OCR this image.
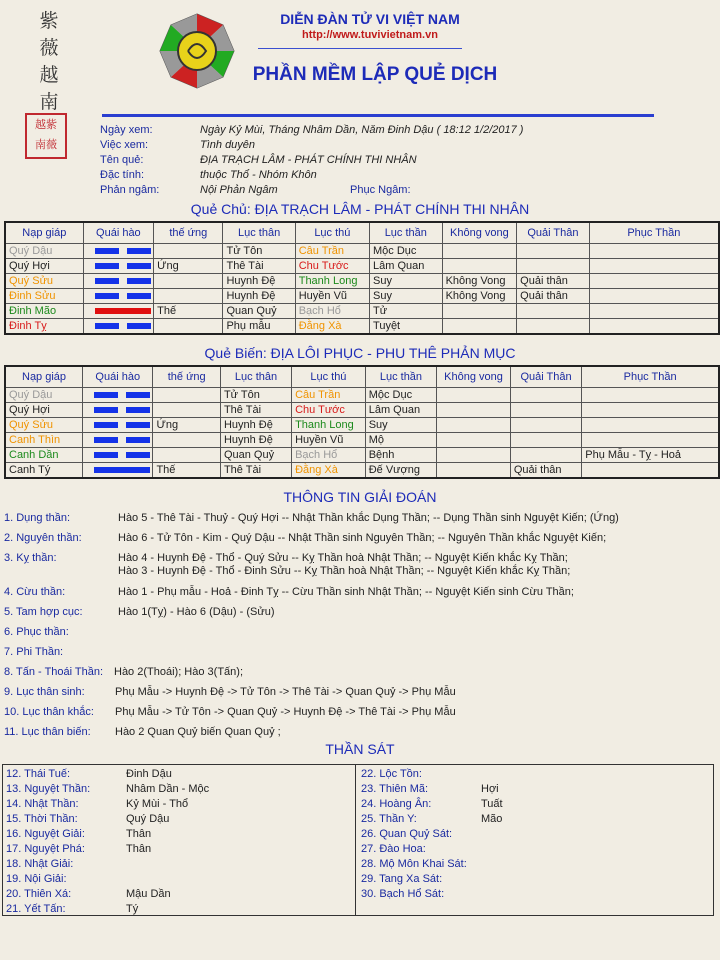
紫
薇
越
南
越紫
南薇
DIỄN ĐÀN TỬ VI VIỆT NAM
http://www.tuvivietnam.vn
PHẦN MỀM LẬP QUẺ DỊCH
Ngày xem:	Ngày Kỷ Mùi, Tháng Nhâm Dần, Năm Đinh Dậu ( 18:12 1/2/2017 )
Việc xem:	Tình duyên
Tên quẻ:	ĐỊA TRẠCH LÂM - PHÁT CHÍNH THI NHÂN
Đặc tính:	thuộc Thổ - Nhóm Khôn
Phản ngâm:	Nội Phản Ngâm	Phục Ngâm:
Quẻ Chủ: ĐỊA TRẠCH LÂM - PHÁT CHÍNH THI NHÂN
Nạp giáp	Quái hào	thế ứng	Lục thân	Lục thú	Lục thần	Không vong	Quải Thân	Phục Thần
Quý Dậu			Tử Tôn	Câu Trần	Mộc Dục			
Quý Hợi		Ứng	Thê Tài	Chu Tước	Lâm Quan			
Quý Sửu			Huynh Đệ	Thanh Long	Suy	Không Vong	Quải thân	
Đinh Sửu			Huynh Đệ	Huyền Vũ	Suy	Không Vong	Quải thân	
Đinh Mão		Thế	Quan Quỷ	Bạch Hổ	Tử			
Đinh Tỵ			Phụ mẫu	Đằng Xà	Tuyệt			
Quẻ Biến: ĐỊA LÔI PHỤC - PHU THÊ PHẢN MỤC
Nạp giáp	Quái hào	thế ứng	Lục thân	Lục thú	Lục thần	Không vong	Quải Thân	Phục Thần
Quý Dậu			Tử Tôn	Câu Trần	Mộc Dục			
Quý Hợi			Thê Tài	Chu Tước	Lâm Quan			
Quý Sửu		Ứng	Huynh Đệ	Thanh Long	Suy			
Canh Thìn			Huynh Đệ	Huyền Vũ	Mộ			
Canh Dần			Quan Quỷ	Bạch Hổ	Bệnh			Phụ Mẫu - Tỵ - Hoả
Canh Tý		Thế	Thê Tài	Đằng Xà	Đế Vượng		Quải thân	
THÔNG TIN GIẢI ĐOÁN
1. Dụng thần:	Hào 5 - Thê Tài - Thuỷ - Quý Hợi -- Nhật Thần khắc Dụng Thần; -- Dụng Thần sinh Nguyệt Kiến; (Ứng)
2. Nguyên thần:	Hào 6 - Tử Tôn - Kim - Quý Dậu -- Nhật Thần sinh Nguyên Thần; -- Nguyên Thần khắc Nguyệt Kiến;
3. Kỵ thần:	Hào 4 - Huynh Đệ - Thổ - Quý Sửu -- Kỵ Thần hoà Nhật Thần; -- Nguyệt Kiến khắc Kỵ Thần;
Hào 3 - Huynh Đệ - Thổ - Đinh Sửu -- Kỵ Thần hoà Nhật Thần; -- Nguyệt Kiến khắc Kỵ Thần;
4. Cừu thần:	Hào 1 - Phụ mẫu - Hoả - Đinh Tỵ -- Cừu Thần sinh Nhật Thần; -- Nguyệt Kiến sinh Cừu Thần;
5. Tam hợp cục:	Hào 1(Tỵ) - Hào 6 (Dậu) - (Sửu)
6. Phục thần:
7. Phi Thần:
8. Tấn - Thoái Thần: Hào 2(Thoái); Hào 3(Tấn);
9. Lục thân sinh:	Phụ Mẫu -> Huynh Đệ -> Tử Tôn -> Thê Tài -> Quan Quỷ -> Phụ Mẫu
10. Lục thân khắc: Phụ Mẫu -> Tử Tôn -> Quan Quỷ -> Huynh Đệ -> Thê Tài -> Phụ Mẫu
11. Lục thân biến: Hào 2 Quan Quỷ biến Quan Quỷ ;
THẦN SÁT
12. Thái Tuế:	Đinh Dậu
13. Nguyệt Thần:	Nhâm Dần - Mộc
14. Nhật Thần:	Kỷ Mùi - Thổ
15. Thời Thần:	Quý Dậu
16. Nguyệt Giải:	Thân
17. Nguyệt Phá:	Thân
18. Nhật Giải:
19. Nội Giải:
20. Thiên Xá:	Mậu Dần
21. Yết Tấn:	Tý
22. Lộc Tồn:
23. Thiên Mã:	Hợi
24. Hoàng Ân:	Tuất
25. Thần Y:	Mão
26. Quan Quỷ Sát:
27. Đào Hoa:
28. Mộ Môn Khai Sát:
29. Tang Xa Sát:
30. Bạch Hổ Sát:
